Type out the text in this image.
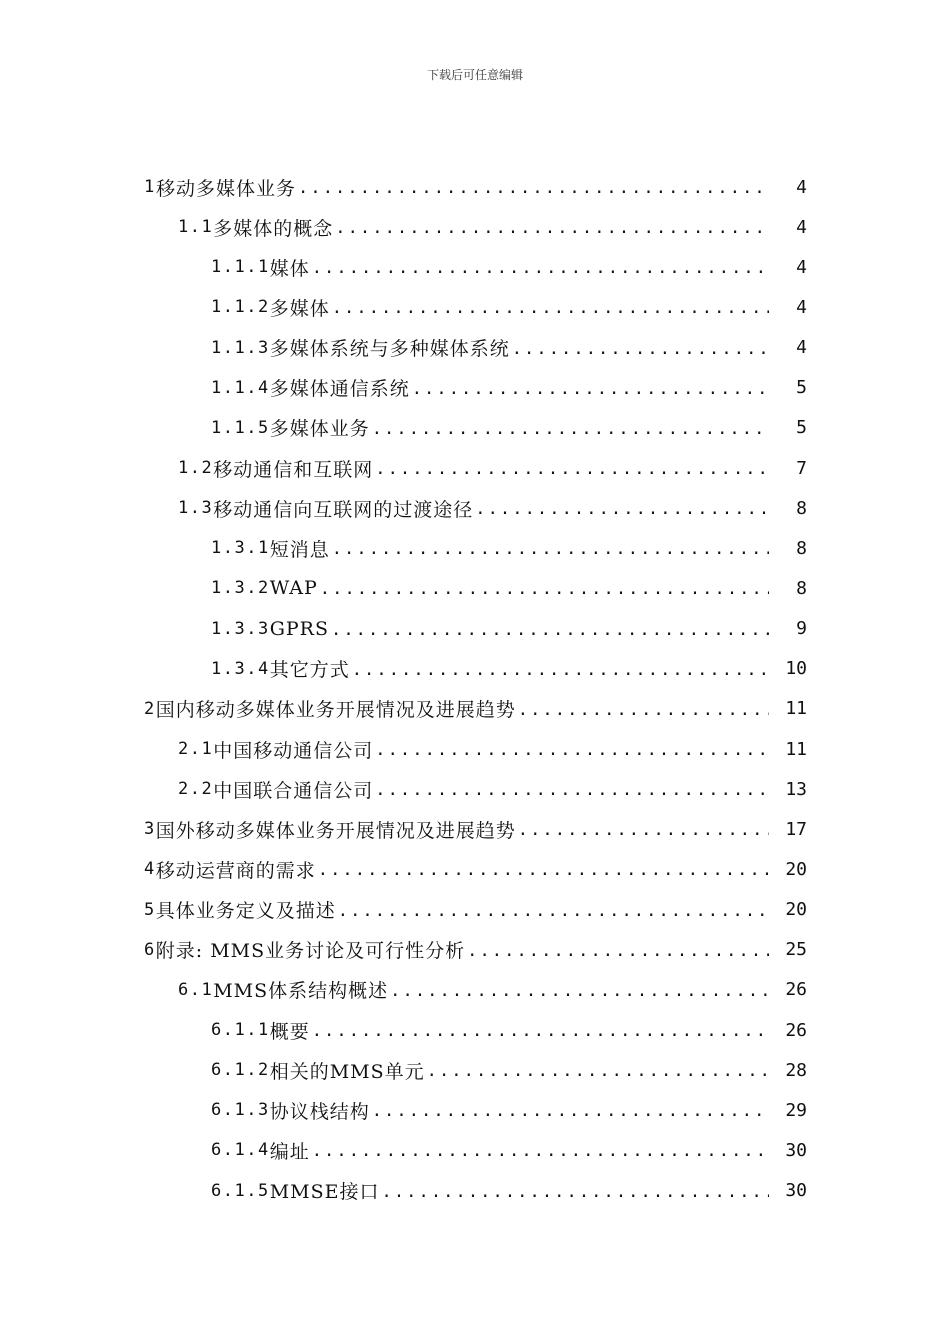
下载后可任意编辑
1 移动多媒体业务 .....	4
1.1 多媒体的概念 .....	4
1.1.1 媒体 .....	4
1.1.2 多媒体 .....	4
1.1.3 多媒体系统与多种媒体系统 .....	4
1.1.4 多媒体通信系统 .....	5
1.1.5 多媒体业务 .....	5
1.2 移动通信和互联网 .....	7
1.3 移动通信向互联网的过渡途径 .....	8
1.3.1 短消息 .....	8
1.3.2 WAP .....	8
1.3.3 GPRS .....	9
1.3.4 其它方式 .....	10
2 国内移动多媒体业务开展情况及进展趋势 .....	11
2.1 中国移动通信公司 .....	11
2.2 中国联合通信公司 .....	13
3 国外移动多媒体业务开展情况及进展趋势 .....	17
4 移动运营商的需求 .....	20
5 具体业务定义及描述 .....	20
6 附录: MMS业务讨论及可行性分析 .....	25
6.1 MMS体系结构概述 .....	26
6.1.1 概要 .....	26
6.1.2 相关的MMS单元 .....	28
6.1.3 协议栈结构 .....	29
6.1.4 编址 .....	30
6.1.5 MMSE接口 .....	30
